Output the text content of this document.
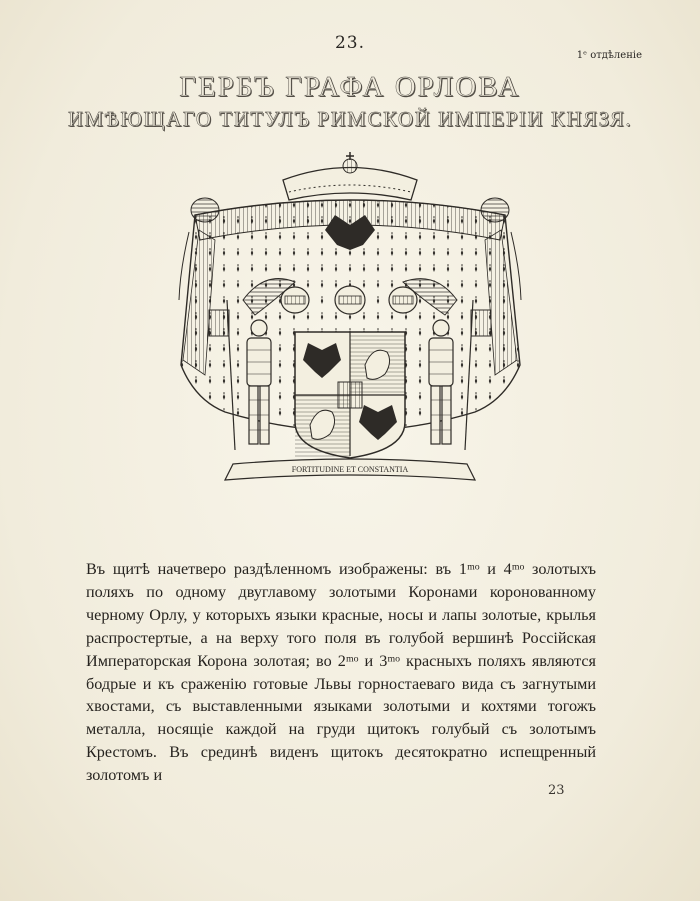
23.
1ᵉ отдѣленіе
ГЕРБЪ ГРАФА ОРЛОВА
ИМѢЮЩАГО ТИТУЛЪ РИМСКОЙ ИМПЕРІИ КНЯЗЯ.
FORTITUDINE ET CONSTANTIA

Въ щитѣ начетверо раздѣленномъ изображены: въ 1ᵐᵒ и 4ᵐᵒ золотыхъ поляхъ по одному двуглавому золотыми Коронами коронованному черному Орлу, у которыхъ языки красные, носы и лапы золотые, крылья распростертые, а на верху того поля въ голубой вершинѣ Россійская Императорская Корона золотая; во 2ᵐᵒ и 3ᵐᵒ красныхъ поляхъ являются бодрые и къ сраженію готовые Львы горностаеваго вида съ загнутыми хвостами, съ выставленными языками золотыми и кохтями тогожъ металла, носящіе каждой на груди щитокъ голубый съ золотымъ Крестомъ. Въ срединѣ виденъ щитокъ десятократно испещренный золотомъ и

23
